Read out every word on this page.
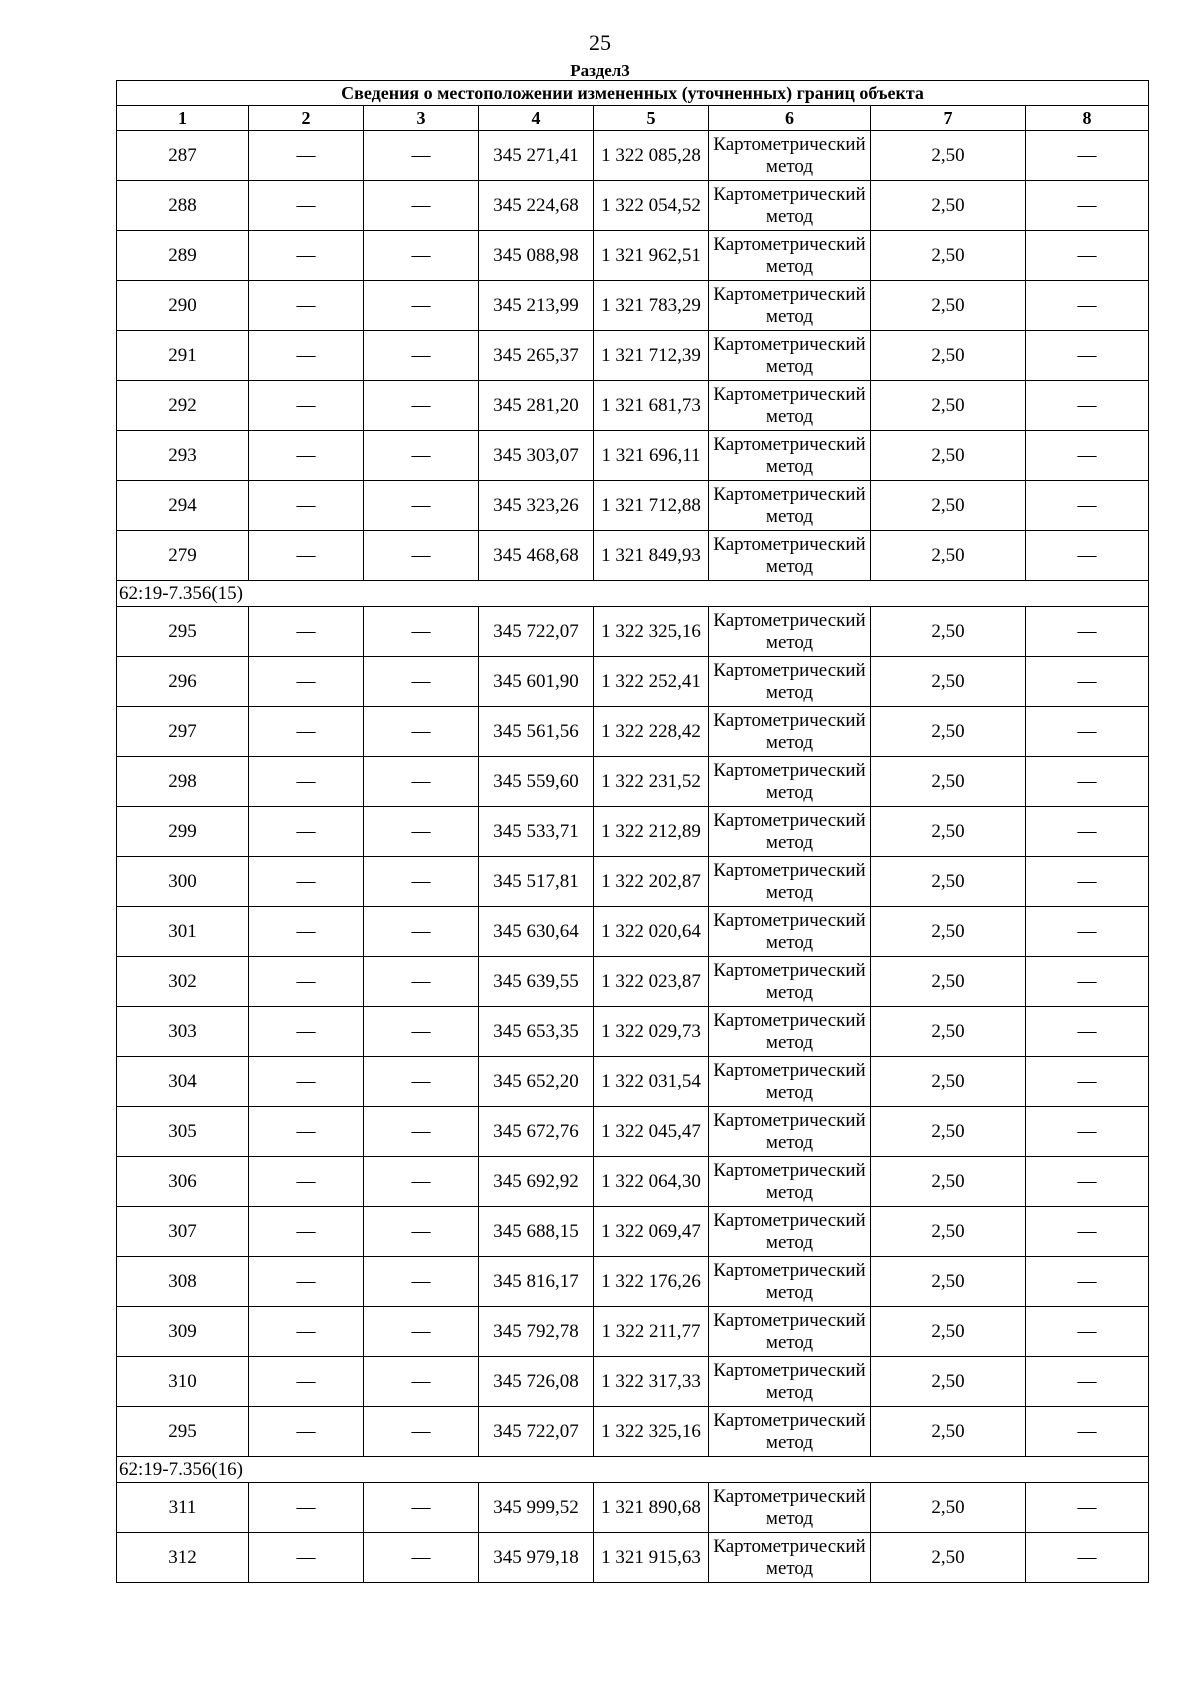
25
Раздел3
Сведения о местоположении измененных (уточненных) границ объекта							
1	2	3	4	5	6	7	8
287	—	—	345 271,41	1 322 085,28	Картометрический метод	2,50	—
288	—	—	345 224,68	1 322 054,52	Картометрический метод	2,50	—
289	—	—	345 088,98	1 321 962,51	Картометрический метод	2,50	—
290	—	—	345 213,99	1 321 783,29	Картометрический метод	2,50	—
291	—	—	345 265,37	1 321 712,39	Картометрический метод	2,50	—
292	—	—	345 281,20	1 321 681,73	Картометрический метод	2,50	—
293	—	—	345 303,07	1 321 696,11	Картометрический метод	2,50	—
294	—	—	345 323,26	1 321 712,88	Картометрический метод	2,50	—
279	—	—	345 468,68	1 321 849,93	Картометрический метод	2,50	—
62:19-7.356(15)							
295	—	—	345 722,07	1 322 325,16	Картометрический метод	2,50	—
296	—	—	345 601,90	1 322 252,41	Картометрический метод	2,50	—
297	—	—	345 561,56	1 322 228,42	Картометрический метод	2,50	—
298	—	—	345 559,60	1 322 231,52	Картометрический метод	2,50	—
299	—	—	345 533,71	1 322 212,89	Картометрический метод	2,50	—
300	—	—	345 517,81	1 322 202,87	Картометрический метод	2,50	—
301	—	—	345 630,64	1 322 020,64	Картометрический метод	2,50	—
302	—	—	345 639,55	1 322 023,87	Картометрический метод	2,50	—
303	—	—	345 653,35	1 322 029,73	Картометрический метод	2,50	—
304	—	—	345 652,20	1 322 031,54	Картометрический метод	2,50	—
305	—	—	345 672,76	1 322 045,47	Картометрический метод	2,50	—
306	—	—	345 692,92	1 322 064,30	Картометрический метод	2,50	—
307	—	—	345 688,15	1 322 069,47	Картометрический метод	2,50	—
308	—	—	345 816,17	1 322 176,26	Картометрический метод	2,50	—
309	—	—	345 792,78	1 322 211,77	Картометрический метод	2,50	—
310	—	—	345 726,08	1 322 317,33	Картометрический метод	2,50	—
295	—	—	345 722,07	1 322 325,16	Картометрический метод	2,50	—
62:19-7.356(16)							
311	—	—	345 999,52	1 321 890,68	Картометрический метод	2,50	—
312	—	—	345 979,18	1 321 915,63	Картометрический метод	2,50	—
